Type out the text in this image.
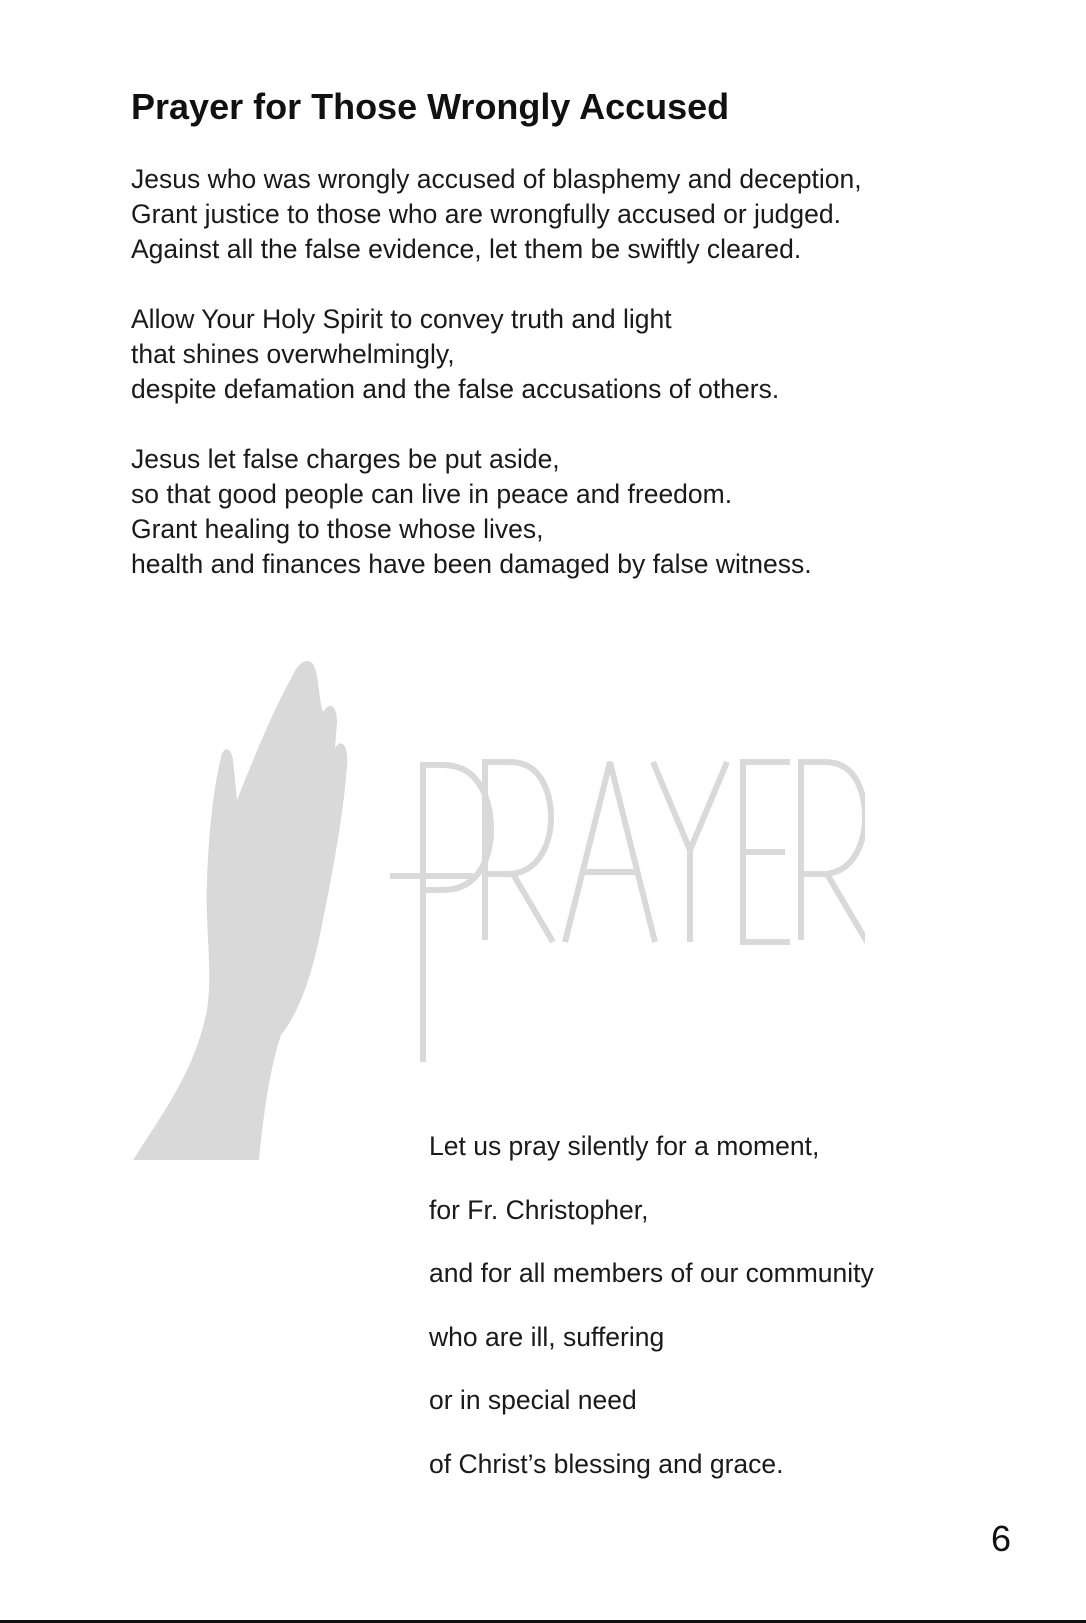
Prayer for Those Wrongly Accused
Jesus who was wrongly accused of blasphemy and deception,
Grant justice to those who are wrongfully accused or judged.
Against all the false evidence, let them be swiftly cleared.
Allow Your Holy Spirit to convey truth and light
that shines overwhelmingly,
despite defamation and the false accusations of others.
Jesus let false charges be put aside,
so that good people can live in peace and freedom.
Grant healing to those whose lives,
health and finances have been damaged by false witness.
Let us pray silently for a moment,
for Fr. Christopher,
and for all members of our community
who are ill, suffering
or in special need
of Christ’s blessing and grace.
6
